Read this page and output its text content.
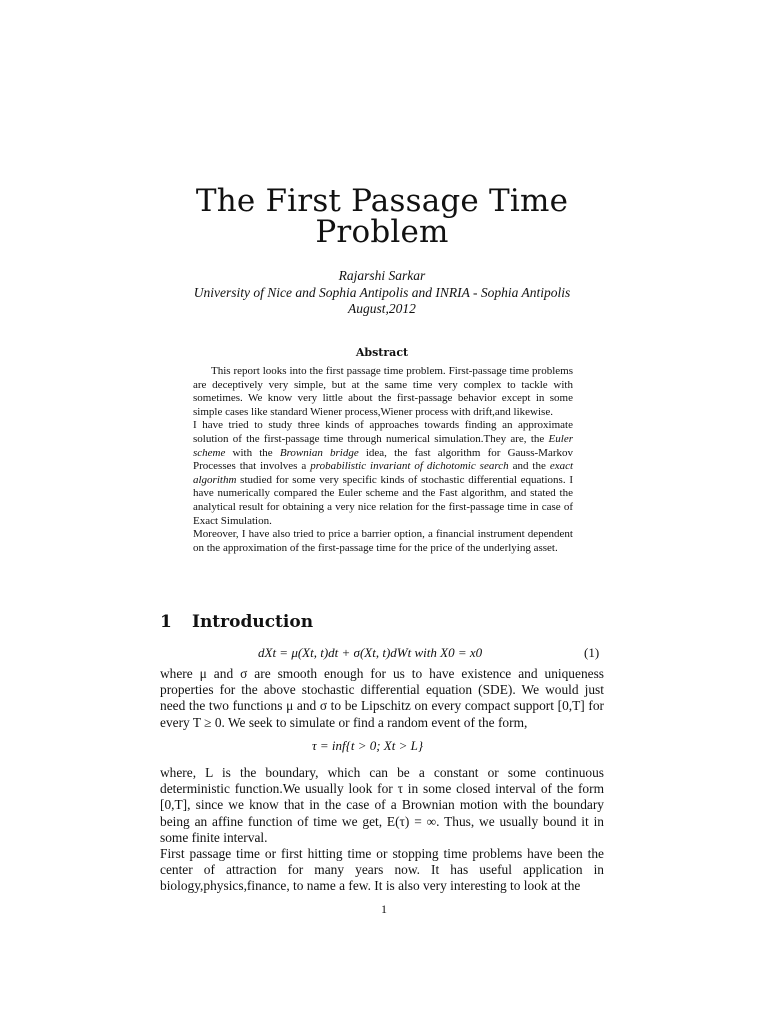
The First Passage Time
Problem
Rajarshi Sarkar
University of Nice and Sophia Antipolis and INRIA - Sophia Antipolis
August,2012
Abstract

This report looks into the first passage time problem. First-passage time problems are deceptively very simple, but at the same time very complex to tackle with sometimes. We know very little about the first-passage behavior except in some simple cases like standard Wiener process,Wiener process with drift,and likewise.

I have tried to study three kinds of approaches towards finding an approximate solution of the first-passage time through numerical simulation.They are, the Euler scheme with the Brownian bridge idea, the fast algorithm for Gauss-Markov Processes that involves a probabilistic invariant of dichotomic search and the exact algorithm studied for some very specific kinds of stochastic differential equations. I have numerically compared the Euler scheme and the Fast algorithm, and stated the analytical result for obtaining a very nice relation for the first-passage time in case of Exact Simulation.

Moreover, I have also tried to price a barrier option, a financial instrument dependent on the approximation of the first-passage time for the price of the underlying asset.

1 Introduction
dXt = μ(Xt, t)dt + σ(Xt, t)dWt with X0 = x0	(1)

where μ and σ are smooth enough for us to have existence and uniqueness properties for the above stochastic differential equation (SDE). We would just need the two functions μ and σ to be Lipschitz on every compact support [0,T] for every T ≥ 0. We seek to simulate or find a random event of the form,

τ = inf{t > 0; Xt > L}

where, L is the boundary, which can be a constant or some continuous deterministic function.We usually look for τ in some closed interval of the form [0,T], since we know that in the case of a Brownian motion with the boundary being an affine function of time we get, E(τ) = ∞. Thus, we usually bound it in some finite interval.

First passage time or first hitting time or stopping time problems have been the center of attraction for many years now. It has useful application in biology,physics,finance, to name a few. It is also very interesting to look at the

1
